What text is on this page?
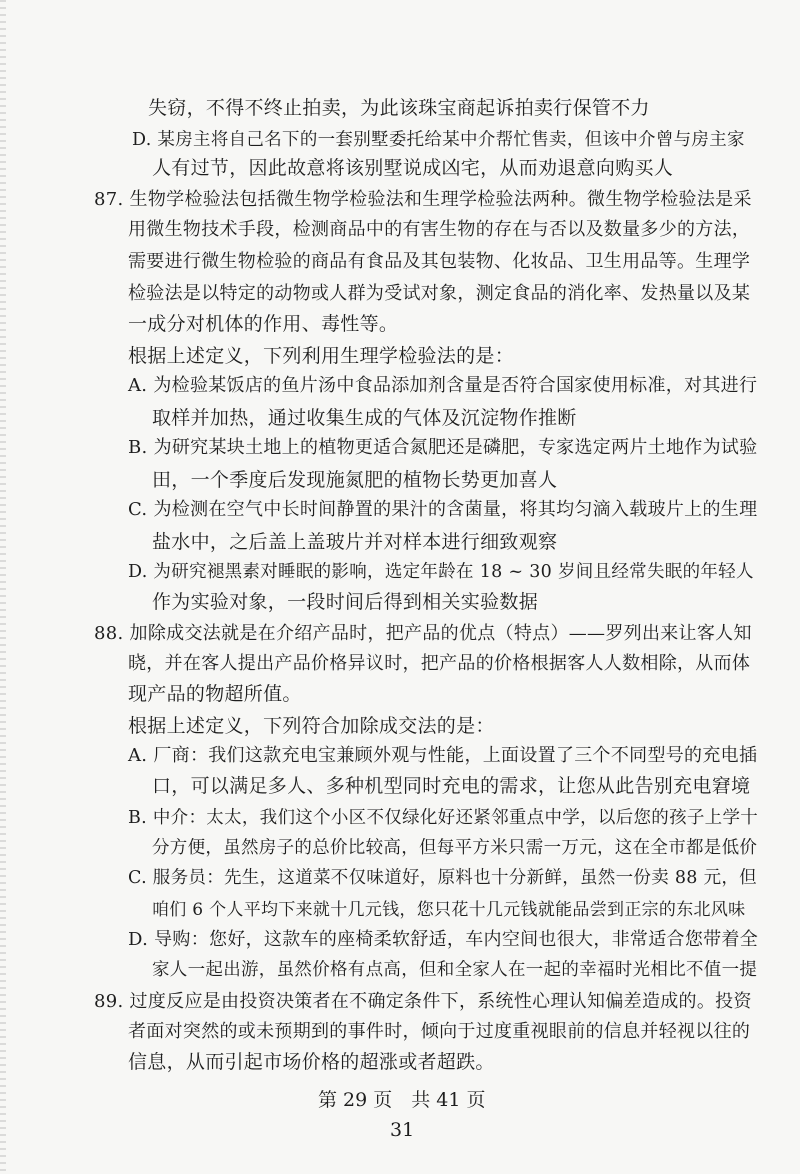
失窃，不得不终止拍卖，为此该珠宝商起诉拍卖行保管不力

D. 某房主将自己名下的一套别墅委托给某中介帮忙售卖，但该中介曾与房主家

人有过节，因此故意将该别墅说成凶宅，从而劝退意向购买人

87. 生物学检验法包括微生物学检验法和生理学检验法两种。微生物学检验法是采

用微生物技术手段，检测商品中的有害生物的存在与否以及数量多少的方法，

需要进行微生物检验的商品有食品及其包装物、化妆品、卫生用品等。生理学

检验法是以特定的动物或人群为受试对象，测定食品的消化率、发热量以及某

一成分对机体的作用、毒性等。

根据上述定义，下列利用生理学检验法的是：

A. 为检验某饭店的鱼片汤中食品添加剂含量是否符合国家使用标准，对其进行

取样并加热，通过收集生成的气体及沉淀物作推断

B. 为研究某块土地上的植物更适合氮肥还是磷肥，专家选定两片土地作为试验

田，一个季度后发现施氮肥的植物长势更加喜人

C. 为检测在空气中长时间静置的果汁的含菌量，将其均匀滴入载玻片上的生理

盐水中，之后盖上盖玻片并对样本进行细致观察

D. 为研究褪黑素对睡眠的影响，选定年龄在 18 ~ 30 岁间且经常失眠的年轻人

作为实验对象，一段时间后得到相关实验数据

88. 加除成交法就是在介绍产品时，把产品的优点（特点）——罗列出来让客人知

晓，并在客人提出产品价格异议时，把产品的价格根据客人人数相除，从而体

现产品的物超所值。

根据上述定义，下列符合加除成交法的是：

A. 厂商：我们这款充电宝兼顾外观与性能，上面设置了三个不同型号的充电插

口，可以满足多人、多种机型同时充电的需求，让您从此告别充电窘境

B. 中介：太太，我们这个小区不仅绿化好还紧邻重点中学，以后您的孩子上学十

分方便，虽然房子的总价比较高，但每平方米只需一万元，这在全市都是低价

C. 服务员：先生，这道菜不仅味道好，原料也十分新鲜，虽然一份卖 88 元，但

咱们 6 个人平均下来就十几元钱，您只花十几元钱就能品尝到正宗的东北风味

D. 导购：您好，这款车的座椅柔软舒适，车内空间也很大，非常适合您带着全

家人一起出游，虽然价格有点高，但和全家人在一起的幸福时光相比不值一提

89. 过度反应是由投资决策者在不确定条件下，系统性心理认知偏差造成的。投资

者面对突然的或未预期到的事件时，倾向于过度重视眼前的信息并轻视以往的

信息，从而引起市场价格的超涨或者超跌。

第 29 页　共 41 页

31
